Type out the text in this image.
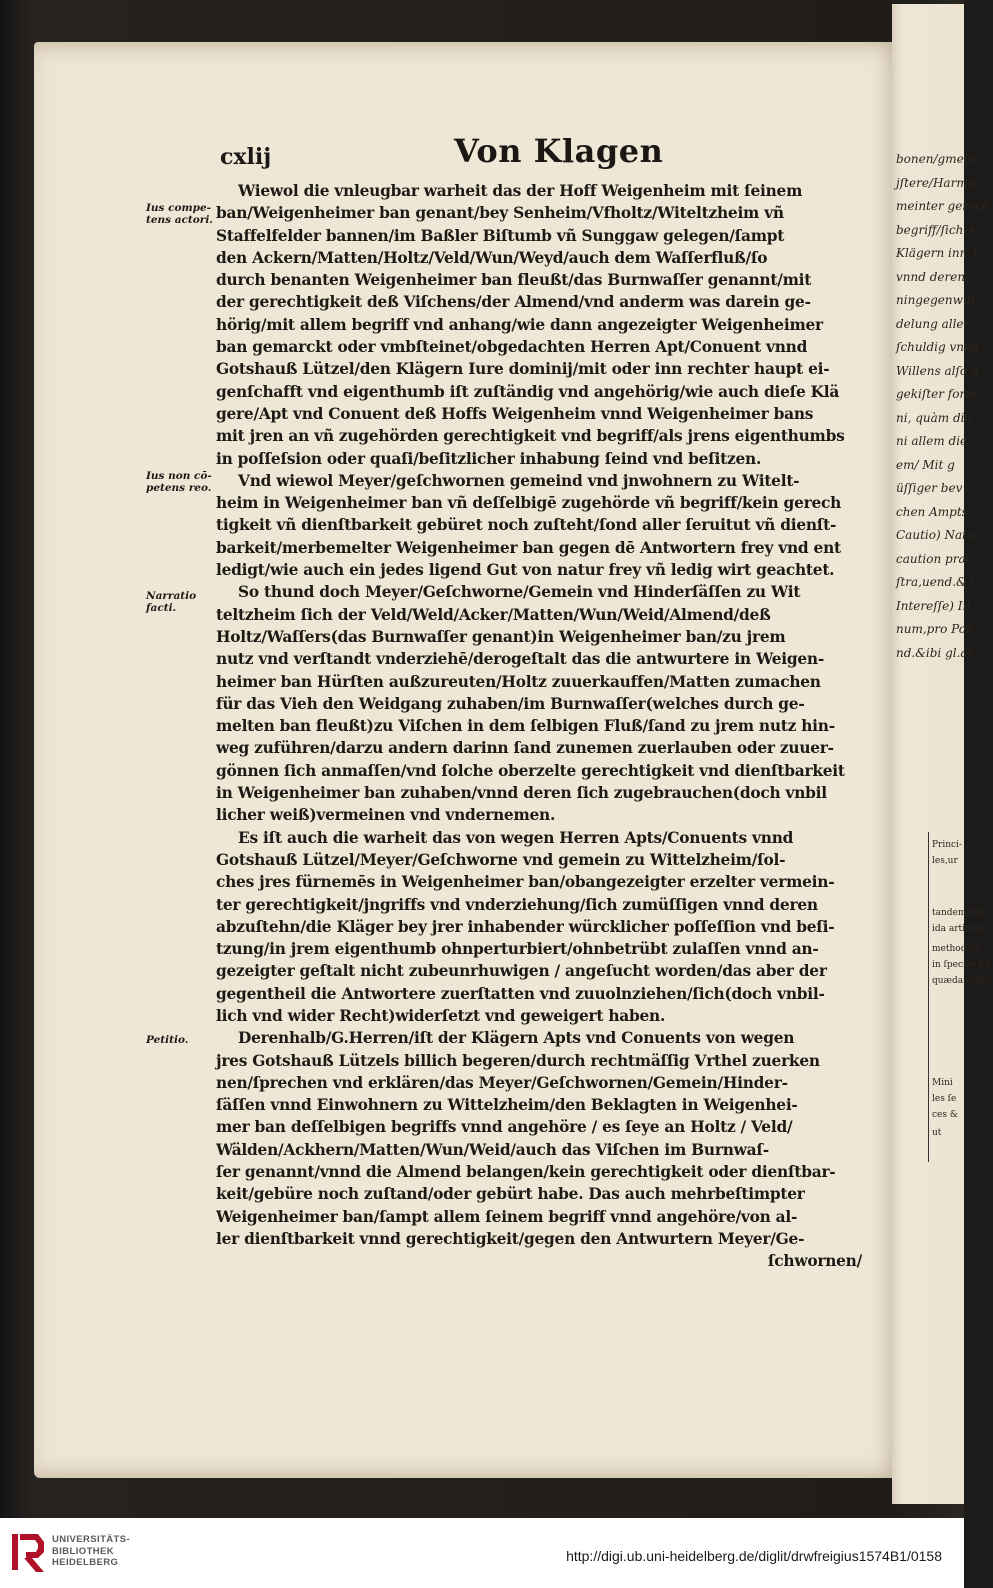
cxlij	Von Klagen
Ius compe-tens actori.
Ius non cō-petens reo.
Narratio facti.
Petitio.
Wiewol die vnleugbar warheit das der Hoff Weigenheim mit ſeinem
ban/Weigenheimer ban genant/bey Senheim/Vfholtz/Witeltzheim vñ
Staffelfelder bannen/im Baßler Biſtumb vñ Sunggaw gelegen/ſampt
den Ackern/Matten/Holtz/Veld/Wun/Weyd/auch dem Waſſerfluß/ſo
durch benanten Weigenheimer ban fleußt/das Burnwaſſer genannt/mit
der gerechtigkeit deß Viſchens/der Almend/vnd anderm was darein ge-
hörig/mit allem begriff vnd anhang/wie dann angezeigter Weigenheimer
ban gemarckt oder vmbſteinet/obgedachten Herren Apt/Conuent vnnd
Gotshauß Lützel/den Klägern Iure dominij/mit oder inn rechter haupt ei-
genſchafft vnd eigenthumb iſt zuſtändig vnd angehörig/wie auch dieſe Klä
gere/Apt vnd Conuent deß Hoffs Weigenheim vnnd Weigenheimer bans
mit jren an vñ zugehörden gerechtigkeit vnd begriff/als jrens eigenthumbs
in poſſeſsion oder quaſi/beſitzlicher inhabung ſeind vnd beſitzen.
Vnd wiewol Meyer/geſchwornen gemeind vnd jnwohnern zu Witelt-
heim in Weigenheimer ban vñ deſſelbigē zugehörde vñ begriff/kein gerech
tigkeit vñ dienſtbarkeit gebüret noch zuſteht/ſond aller ſeruitut vñ dienſt-
barkeit/merbemelter Weigenheimer ban gegen dē Antwortern frey vnd ent
ledigt/wie auch ein jedes ligend Gut von natur frey vñ ledig wirt geachtet.
So thund doch Meyer/Geſchworne/Gemein vnd Hinderſäſſen zu Wit
teltzheim ſich der Veld/Weld/Acker/Matten/Wun/Weid/Almend/deß
Holtz/Waſſers(das Burnwaſſer genant)in Weigenheimer ban/zu jrem
nutz vnd verſtandt vnderziehē/derogeſtalt das die antwurtere in Weigen-
heimer ban Hürſten außzureuten/Holtz zuuerkauffen/Matten zumachen
für das Vieh den Weidgang zuhaben/im Burnwaſſer(welches durch ge-
melten ban fleußt)zu Viſchen in dem ſelbigen Fluß/ſand zu jrem nutz hin-
weg zuführen/darzu andern darinn ſand zunemen zuerlauben oder zuuer-
gönnen ſich anmaſſen/vnd ſolche oberzelte gerechtigkeit vnd dienſtbarkeit
in Weigenheimer ban zuhaben/vnnd deren ſich zugebrauchen(doch vnbil
licher weiß)vermeinen vnd vndernemen.
Es iſt auch die warheit das von wegen Herren Apts/Conuents vnnd
Gotshauß Lützel/Meyer/Geſchworne vnd gemein zu Wittelzheim/ſol-
ches jres fürnemēs in Weigenheimer ban/obangezeigter erzelter vermein-
ter gerechtigkeit/jngriffs vnd vnderziehung/ſich zumüſſigen vnnd deren
abzuſtehn/die Kläger bey jrer inhabender würcklicher poſſeſſion vnd beſi-
tzung/in jrem eigenthumb ohnperturbiert/ohnbetrübt zulaſſen vnnd an-
gezeigter geſtalt nicht zubeunrhuwigen / angeſucht worden/das aber der
gegentheil die Antwortere zuerſtatten vnd zuuolnziehen/ſich(doch vnbil-
lich vnd wider Recht)widerſetzt vnd geweigert haben.
Derenhalb/G.Herren/iſt der Klägern Apts vnd Conuents von wegen
jres Gotshauß Lützels billich begeren/durch rechtmäſſig Vrthel zuerken
nen/ſprechen vnd erklären/das Meyer/Geſchwornen/Gemein/Hinder-
ſäſſen vnnd Einwohnern zu Wittelzheim/den Beklagten in Weigenhei-
mer ban deſſelbigen begriffs vnnd angehöre / es ſeye an Holtz / Veld/
Wälden/Ackhern/Matten/Wun/Weid/auch das Viſchen im Burnwaſ-
ſer genannt/vnnd die Almend belangen/kein gerechtigkeit oder dienſtbar-
keit/gebüre noch zuſtand/oder gebürt habe. Das auch mehrbeſtimpter
Weigenheimer ban/ſampt allem ſeinem begriff vnnd angehöre/von al-
ler dienſtbarkeit vnnd gerechtigkeit/gegen den Antwurtern Meyer/Ge-
ſchwornen/
bonen/gmein
jſtere/Harmit
meinter gerech
begriff/ſich ȝ
Klägern inn 1
vnnd deren
ningegenwür
delung aller
ſchuldig vnnd
Willens alſo g
gekiſter form
ni, quàm diu
ni allem die
em/ Mit g
üſſiger bev
chen Ampts
Cautio) Natu
caution præ
ſtra,uend.& i
Intereſſe) In
num,pro Pon
nd.&ibi gl.ac
Princi-
les,ur
tandem fub-
ida articula
methodica :
in ſpecies ha-
quædam alia
Mini
les ſe
ces &
ut
UNIVERSITÄTS-
BIBLIOTHEK
HEIDELBERG	http://digi.ub.uni-heidelberg.de/diglit/drwfreigius1574B1/0158
